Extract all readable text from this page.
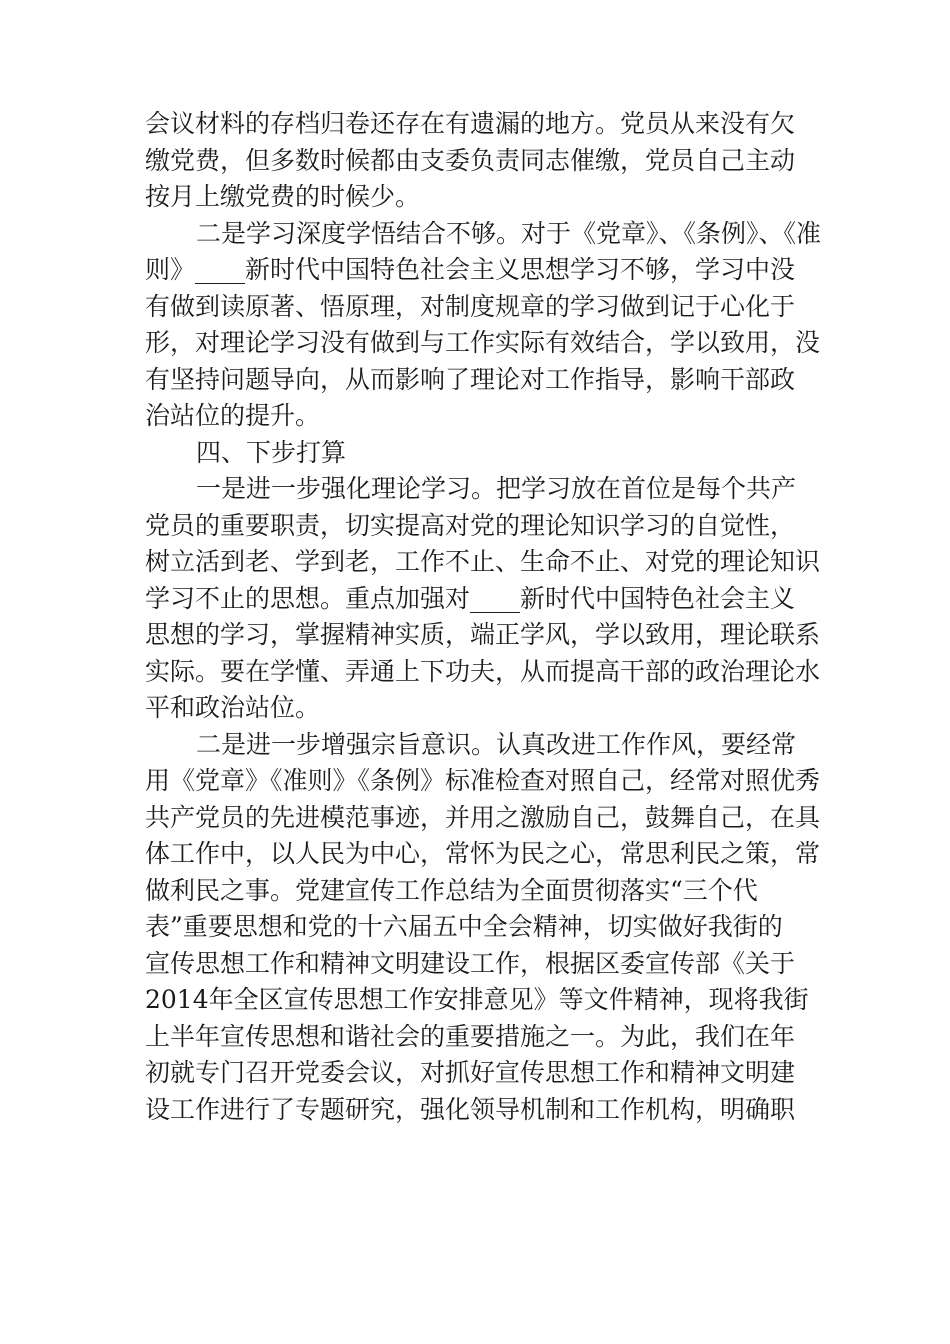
会议材料的存档归卷还存在有遗漏的地方。党员从来没有欠
缴党费，但多数时候都由支委负责同志催缴，党员自己主动
按月上缴党费的时候少。
二是学习深度学悟结合不够。对于《党章》、《条例》、《准
则》____新时代中国特色社会主义思想学习不够，学习中没
有做到读原著、悟原理，对制度规章的学习做到记于心化于
形，对理论学习没有做到与工作实际有效结合，学以致用，没
有坚持问题导向，从而影响了理论对工作指导，影响干部政
治站位的提升。
四、下步打算
一是进一步强化理论学习。把学习放在首位是每个共产
党员的重要职责，切实提高对党的理论知识学习的自觉性，
树立活到老、学到老，工作不止、生命不止、对党的理论知识
学习不止的思想。重点加强对____新时代中国特色社会主义
思想的学习，掌握精神实质，端正学风，学以致用，理论联系
实际。要在学懂、弄通上下功夫，从而提高干部的政治理论水
平和政治站位。
二是进一步增强宗旨意识。认真改进工作作风，要经常
用《党章》《准则》《条例》标准检查对照自己，经常对照优秀
共产党员的先进模范事迹，并用之激励自己，鼓舞自己，在具
体工作中，以人民为中心，常怀为民之心，常思利民之策，常
做利民之事。党建宣传工作总结为全面贯彻落实“三个代
表”重要思想和党的十六届五中全会精神，切实做好我街的
宣传思想工作和精神文明建设工作，根据区委宣传部《关于
2014年全区宣传思想工作安排意见》等文件精神，现将我街
上半年宣传思想和谐社会的重要措施之一。为此，我们在年
初就专门召开党委会议，对抓好宣传思想工作和精神文明建
设工作进行了专题研究，强化领导机制和工作机构，明确职
